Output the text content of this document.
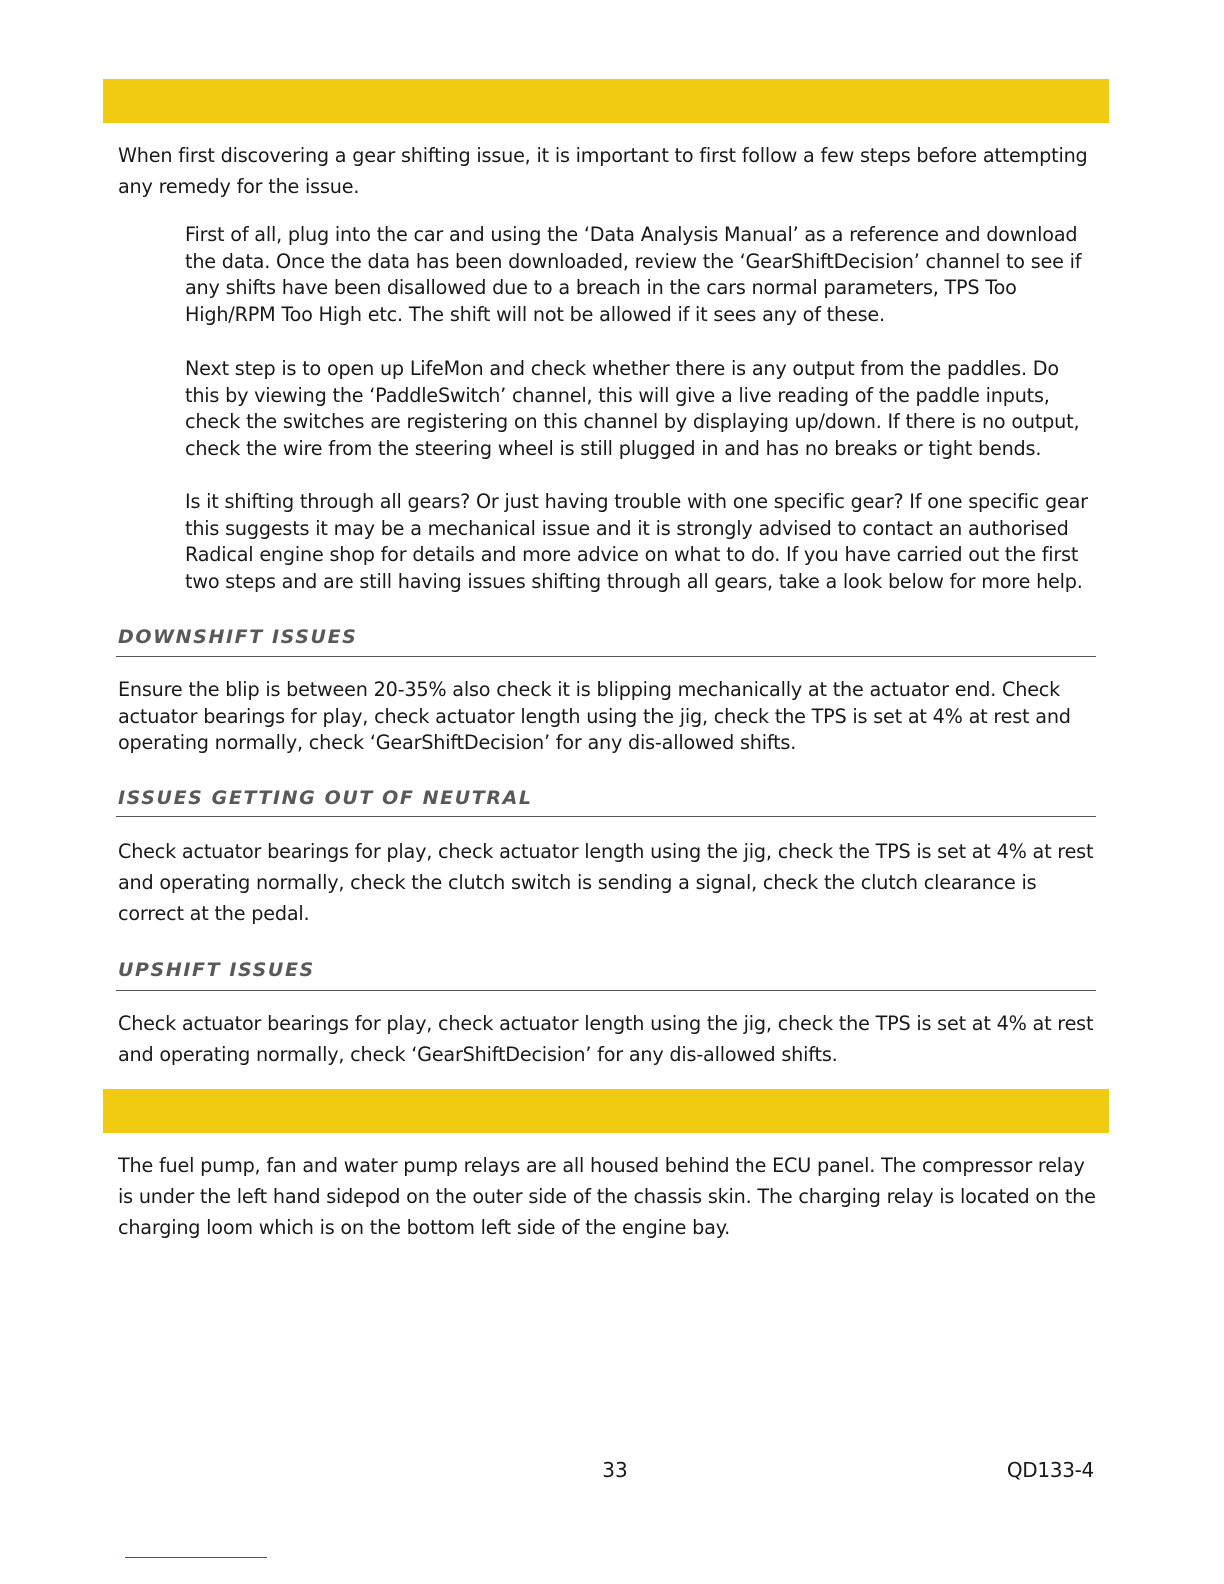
When first discovering a gear shifting issue, it is important to first follow a few steps before attempting any remedy for the issue.

First of all, plug into the car and using the ‘Data Analysis Manual’ as a reference and download the data. Once the data has been downloaded, review the ‘GearShiftDecision’ channel to see if any shifts have been disallowed due to a breach in the cars normal parameters, TPS Too High/RPM Too High etc. The shift will not be allowed if it sees any of these.

Next step is to open up LifeMon and check whether there is any output from the paddles. Do this by viewing the ‘PaddleSwitch’ channel, this will give a live reading of the paddle inputs, check the switches are registering on this channel by displaying up/down. If there is no output, check the wire from the steering wheel is still plugged in and has no breaks or tight bends.

Is it shifting through all gears? Or just having trouble with one specific gear? If one specific gear this suggests it may be a mechanical issue and it is strongly advised to contact an authorised Radical engine shop for details and more advice on what to do. If you have carried out the first two steps and are still having issues shifting through all gears, take a look below for more help.

DOWNSHIFT ISSUES

Ensure the blip is between 20-35% also check it is blipping mechanically at the actuator end. Check actuator bearings for play, check actuator length using the jig, check the TPS is set at 4% at rest and operating normally, check ‘GearShiftDecision’ for any dis-allowed shifts.

ISSUES GETTING OUT OF NEUTRAL

Check actuator bearings for play, check actuator length using the jig, check the TPS is set at 4% at rest and operating normally, check the clutch switch is sending a signal, check the clutch clearance is correct at the pedal.

UPSHIFT ISSUES

Check actuator bearings for play, check actuator length using the jig, check the TPS is set at 4% at rest and operating normally, check ‘GearShiftDecision’ for any dis-allowed shifts.

The fuel pump, fan and water pump relays are all housed behind the ECU panel. The compressor relay is under the left hand sidepod on the outer side of the chassis skin. The charging relay is located on the charging loom which is on the bottom left side of the engine bay.

33	QD133-4
